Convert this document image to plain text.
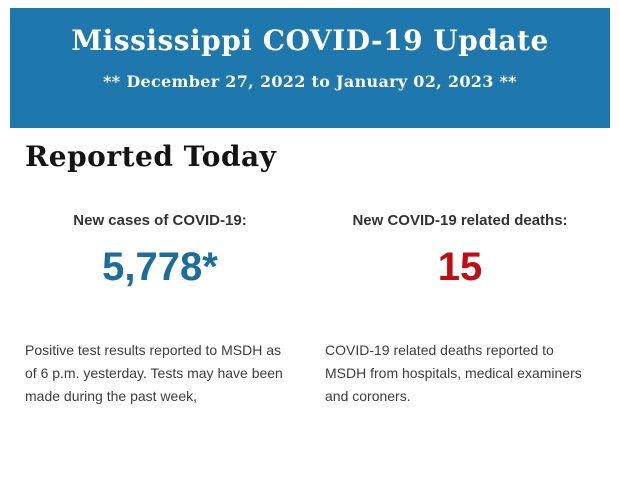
Mississippi COVID-19 Update
** December 27, 2022 to January 02, 2023 **
Reported Today
New cases of COVID-19:
5,778*
Positive test results reported to MSDH as of 6 p.m. yesterday. Tests may have been made during the past week,
New COVID-19 related deaths:
15
COVID-19 related deaths reported to MSDH from hospitals, medical examiners and coroners.
